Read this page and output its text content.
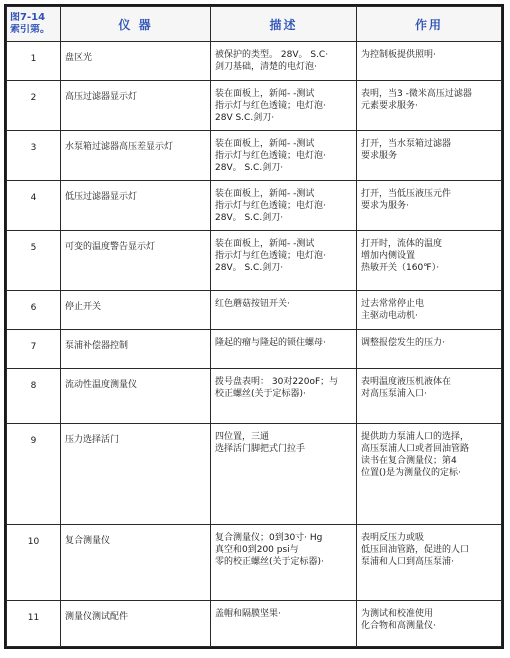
图7-14
索引第。	仪 器	描述	作用
1	盘区光	被保护的类型。 28V。 S.C·
剑刀基础，清楚的电灯泡·	为控制板提供照明·

2	高压过滤器显示灯	装在面板上，新闻- -测试
指示灯与红色透镜；电灯泡·
28V S.C.剑刀·	表明，当3 -微米高压过滤器
元素要求服务·

3	水泵箱过滤器高压差显示灯	装在面板上，新闻- -测试
指示灯与红色透镜；电灯泡·
28V。 S.C.剑刀·	打开，当水泵箱过滤器
要求服务

4	低压过滤器显示灯	装在面板上，新闻- -测试
指示灯与红色透镜；电灯泡·
28V。 S.C.剑刀·	打开，当低压液压元件
要求为服务·

5	可变的温度警告显示灯	装在面板上，新闻- -测试
指示灯与红色透镜；电灯泡·
28V。 S.C.剑刀·	打开时，流体的温度
增加内侧设置
热敏开关（160℉）·

6	停止开关	红色蘑菇按钮开关·	过去常常停止电
主驱动电动机·

7	泵浦补偿器控制	隆起的瘤与隆起的锁住螺母·	调整报偿发生的压力·

8	流动性温度测量仪	拨号盘表明： 30对220oF；与
校正螺丝(关于定标器)·	表明温度液压机液体在
对高压泵浦入口·

9	压力选择活门	四位置，三通
选择活门脚把式门拉手	提供助力泵浦人口的选择，
高压泵浦人口或者回油管路
读书在复合测量仪；第4
位置()是为测量仪的定标·

10	复合测量仪	复合测量仪；0到30寸· Hg
真空和0到200 psi与
零的校正螺丝(关于定标器)·	表明反压力或吸
低压回油管路，促进的人口
泵浦和人口到高压泵浦·

11	测量仪测试配件	盖帽和隔膜坚果·	为测试和校准使用
化合物和高测量仪·
